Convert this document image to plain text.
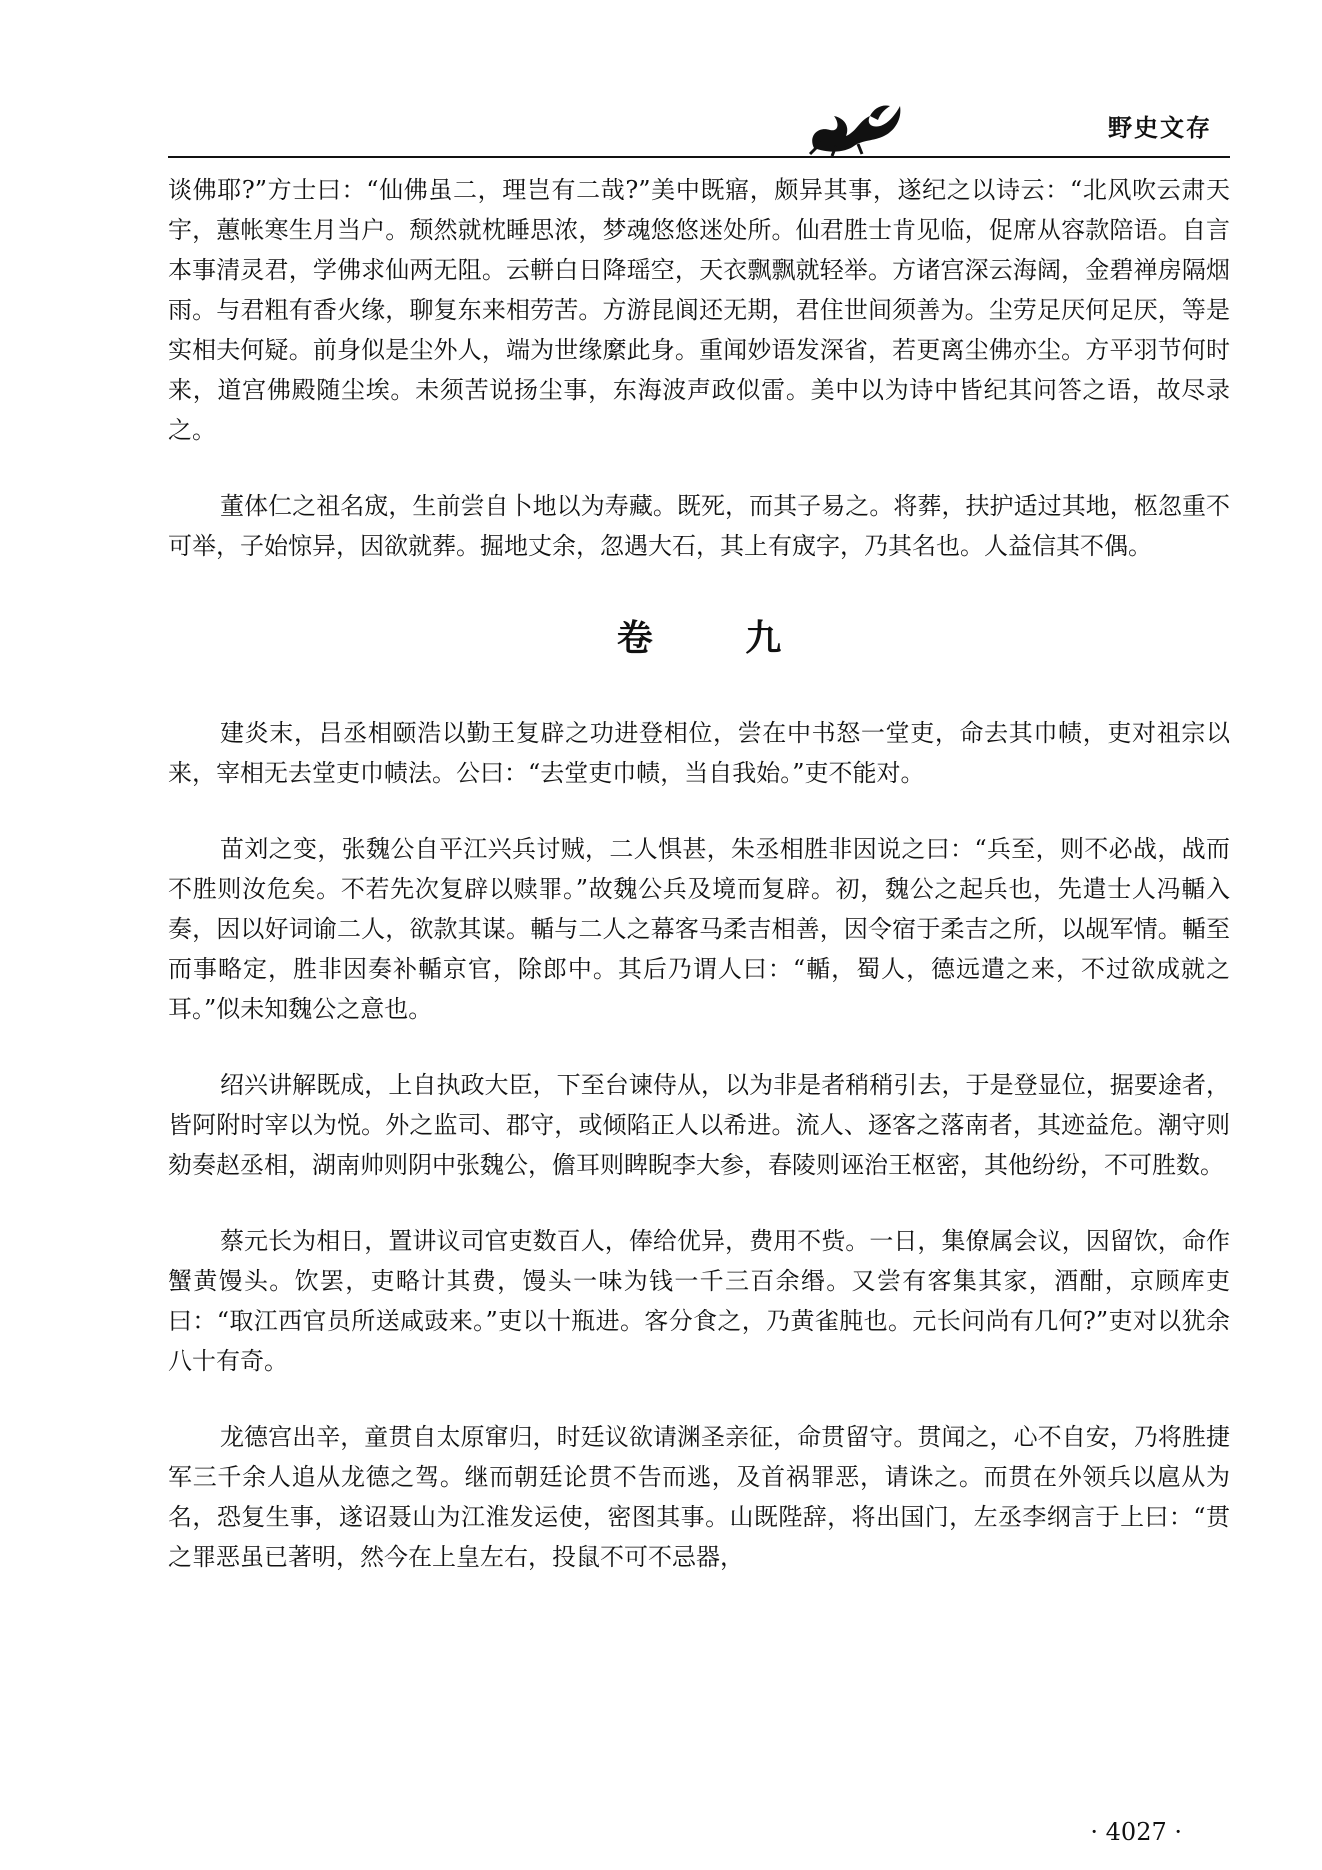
野史文存

谈佛耶?”方士曰：“仙佛虽二，理岂有二哉?”美中既寤，颇异其事，遂纪之以诗云：“北风吹云肃天宇，蕙帐寒生月当户。颓然就枕睡思浓，梦魂悠悠迷处所。仙君胜士肯见临，促席从容款陪语。自言本事清灵君，学佛求仙两无阻。云軿白日降瑶空，天衣飘飘就轻举。方诸宫深云海阔，金碧禅房隔烟雨。与君粗有香火缘，聊复东来相劳苦。方游昆阆还无期，君住世间须善为。尘劳足厌何足厌，等是实相夫何疑。前身似是尘外人，端为世缘縻此身。重闻妙语发深省，若更离尘佛亦尘。方平羽节何时来，道宫佛殿随尘埃。未须苦说扬尘事，东海波声政似雷。美中以为诗中皆纪其问答之语，故尽录之。

董体仁之祖名宬，生前尝自卜地以为寿藏。既死，而其子易之。将葬，扶护适过其地，柩忽重不可举，子始惊异，因欲就葬。掘地丈余，忽遇大石，其上有宬字，乃其名也。人益信其不偶。

卷 九

建炎末，吕丞相颐浩以勤王复辟之功进登相位，尝在中书怒一堂吏，命去其巾帻，吏对祖宗以来，宰相无去堂吏巾帻法。公曰：“去堂吏巾帻，当自我始。”吏不能对。

苗刘之变，张魏公自平江兴兵讨贼，二人惧甚，朱丞相胜非因说之曰：“兵至，则不必战，战而不胜则汝危矣。不若先次复辟以赎罪。”故魏公兵及境而复辟。初，魏公之起兵也，先遣士人冯輴入奏，因以好词谕二人，欲款其谋。輴与二人之幕客马柔吉相善，因令宿于柔吉之所，以觇军情。輴至而事略定，胜非因奏补輴京官，除郎中。其后乃谓人曰：“輴，蜀人，德远遣之来，不过欲成就之耳。”似未知魏公之意也。

绍兴讲解既成，上自执政大臣，下至台谏侍从，以为非是者稍稍引去，于是登显位，据要途者，皆阿附时宰以为悦。外之监司、郡守，或倾陷正人以希进。流人、逐客之落南者，其迹益危。潮守则劾奏赵丞相，湖南帅则阴中张魏公，儋耳则睥睨李大参，春陵则诬治王枢密，其他纷纷，不可胜数。

蔡元长为相日，置讲议司官吏数百人，俸给优异，费用不赀。一日，集僚属会议，因留饮，命作蟹黄馒头。饮罢，吏略计其费，馒头一味为钱一千三百余缗。又尝有客集其家，酒酣，京顾库吏曰：“取江西官员所送咸豉来。”吏以十瓶进。客分食之，乃黄雀肫也。元长问尚有几何?”吏对以犹余八十有奇。

龙德宫出辛，童贯自太原窜归，时廷议欲请渊圣亲征，命贯留守。贯闻之，心不自安，乃将胜捷军三千余人追从龙德之驾。继而朝廷论贯不告而逃，及首祸罪恶，请诛之。而贯在外领兵以扈从为名，恐复生事，遂诏聂山为江淮发运使，密图其事。山既陛辞，将出国门，左丞李纲言于上曰：“贯之罪恶虽已著明，然今在上皇左右，投鼠不可不忌器，

· 4027 ·
